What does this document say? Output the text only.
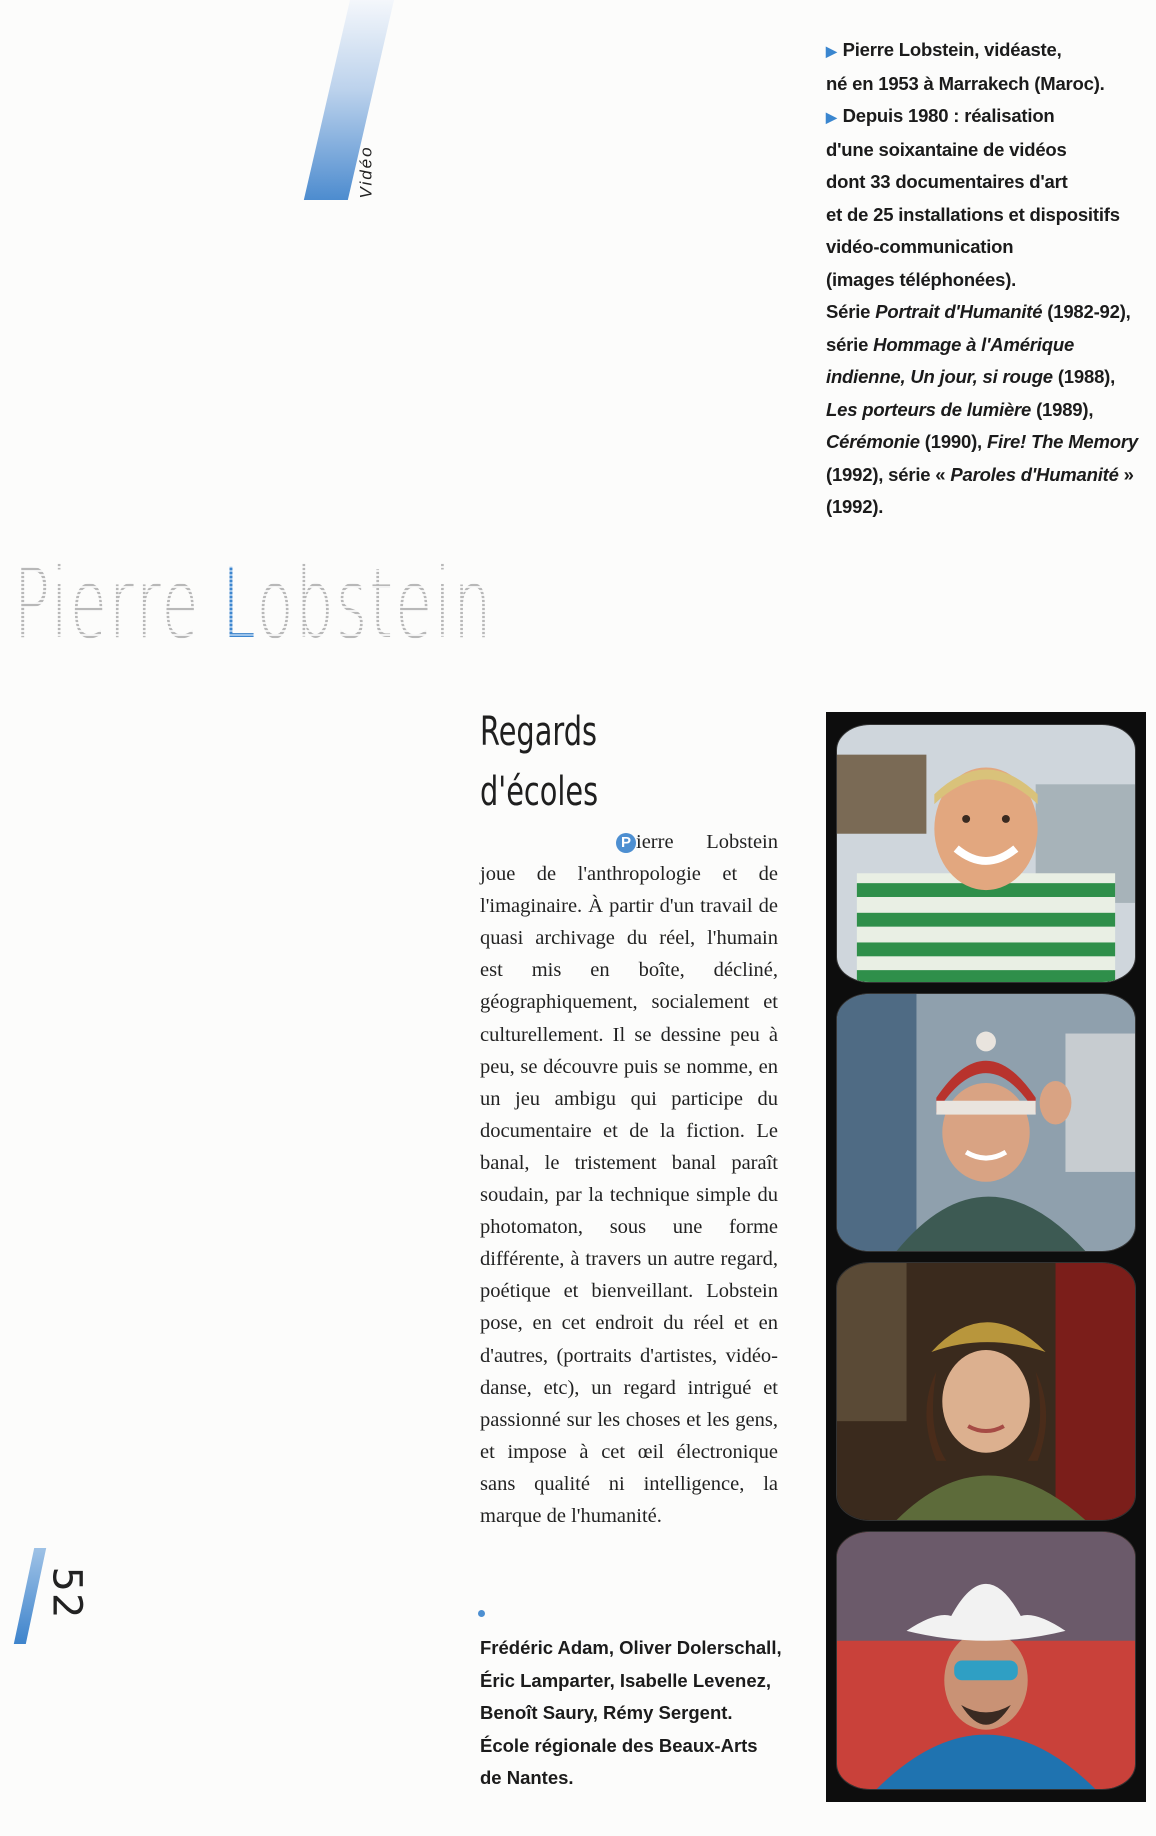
Vidéo

▶ Pierre Lobstein, vidéaste,
né en 1953 à Marrakech (Maroc).

▶ Depuis 1980 : réalisation
d'une soixantaine de vidéos
dont 33 documentaires d'art
et de 25 installations et dispositifs
vidéo-communication
(images téléphonées).

Série Portrait d'Humanité (1982-92), série Hommage à l'Amérique indienne, Un jour, si rouge (1988), Les porteurs de lumière (1989), Cérémonie (1990), Fire! The Memory (1992), série « Paroles d'Humanité » (1992).

Pierre Lobstein
Regards
d'écoles
P ierre Lobstein joue de l'anthropologie et de l'imaginaire. À partir d'un travail de quasi archivage du réel, l'humain est mis en boîte, décliné, géographiquement, socialement et culturellement. Il se dessine peu à peu, se découvre puis se nomme, en un jeu ambigu qui participe du documentaire et de la fiction. Le banal, le tristement banal paraît soudain, par la technique simple du photomaton, sous une forme différente, à travers un autre regard, poétique et bienveillant. Lobstein pose, en cet endroit du réel et en d'autres, (portraits d'artistes, vidéo-danse, etc), un regard intrigué et passionné sur les choses et les gens, et impose à cet œil électronique sans qualité ni intelligence, la marque de l'humanité.
Frédéric Adam, Oliver Dolerschall,
Éric Lamparter, Isabelle Levenez,
Benoît Saury, Rémy Sergent.
École régionale des Beaux-Arts
de Nantes.
52
